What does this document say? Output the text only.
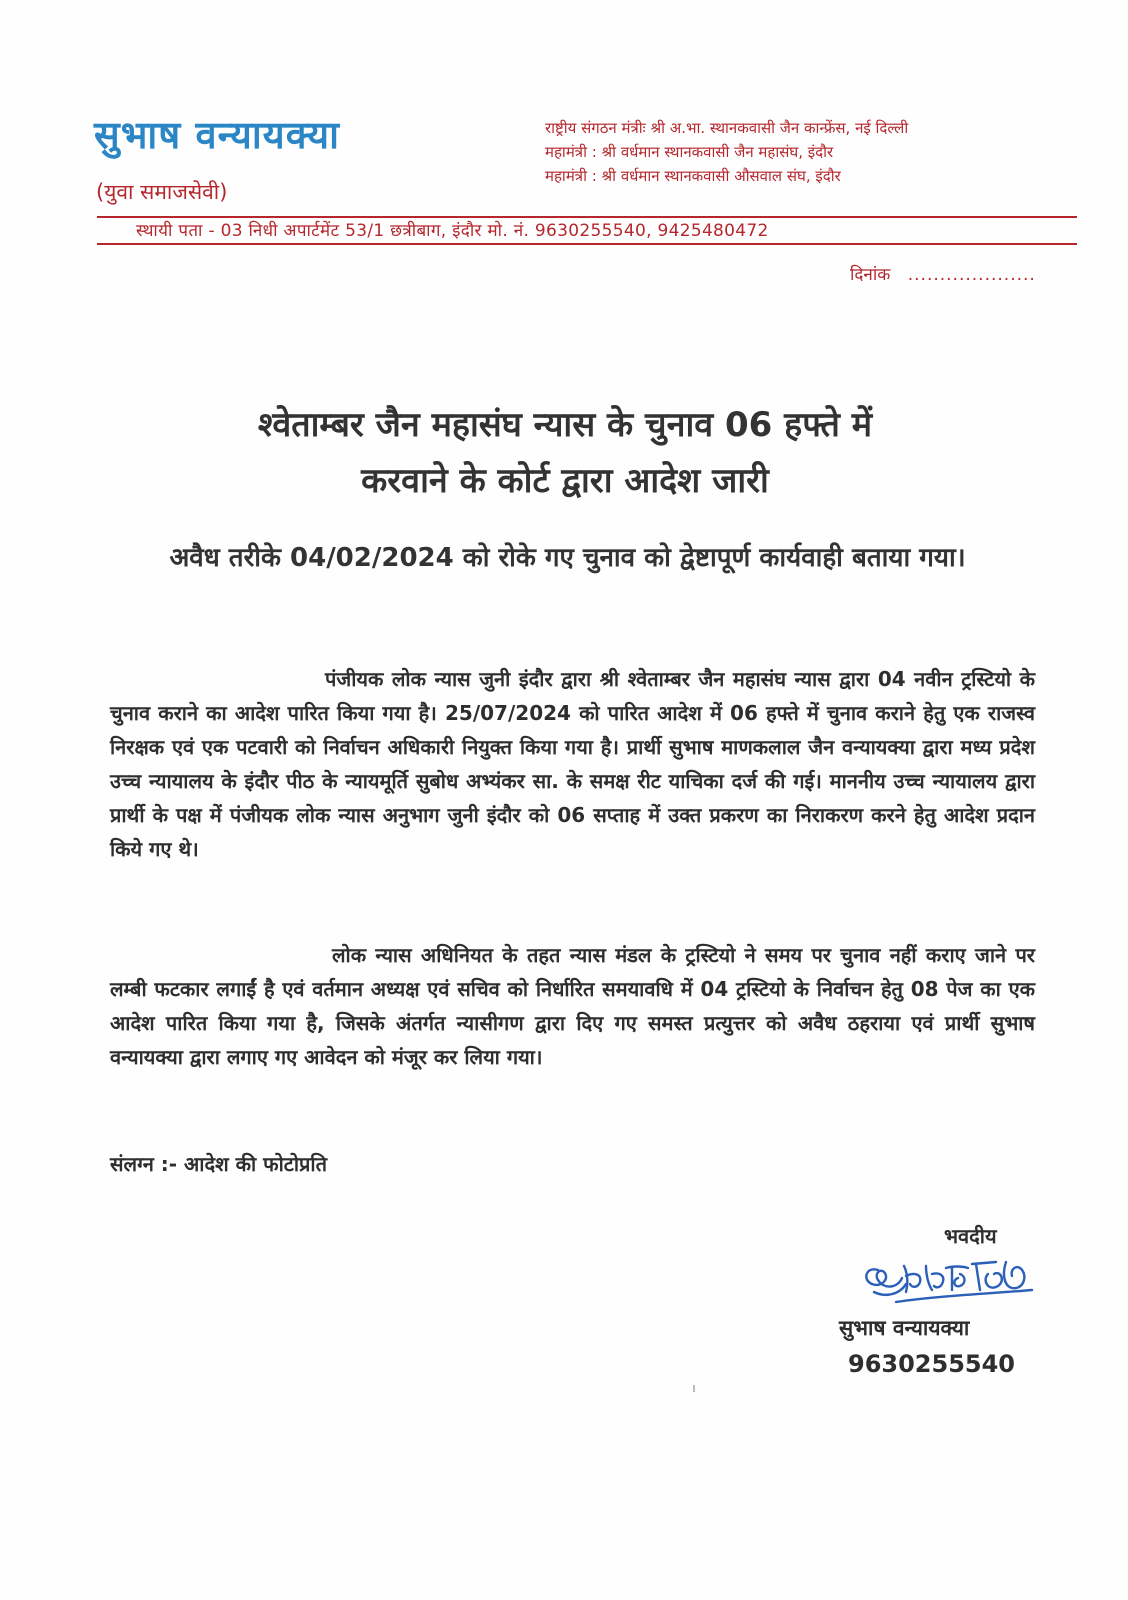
सुभाष वन्यायक्या
(युवा समाजसेवी)
राष्ट्रीय संगठन मंत्रीः श्री अ.भा. स्थानकवासी जैन कान्फ्रेंस, नई दिल्ली
महामंत्री : श्री वर्धमान स्थानकवासी जैन महासंघ, इंदौर
महामंत्री : श्री वर्धमान स्थानकवासी औसवाल संघ, इंदौर
स्थायी पता - 03 निधी अपार्टमेंट 53/1 छत्रीबाग, इंदौर मो. नं. 9630255540, 9425480472
दिनांक ....................
श्वेताम्बर जैन महासंघ न्यास के चुनाव 06 हफ्ते में
करवाने के कोर्ट द्वारा आदेश जारी
अवैध तरीके 04/02/2024 को रोके गए चुनाव को द्वेष्टापूर्ण कार्यवाही बताया गया।
पंजीयक लोक न्यास जुनी इंदौर द्वारा श्री श्वेताम्बर जैन महासंघ न्यास द्वारा 04 नवीन ट्रस्टियो के चुनाव कराने का आदेश पारित किया गया है। 25/07/2024 को पारित आदेश में 06 हफ्ते में चुनाव कराने हेतु एक राजस्व निरक्षक एवं एक पटवारी को निर्वाचन अधिकारी नियुक्त किया गया है। प्रार्थी सुभाष माणकलाल जैन वन्यायक्या द्वारा मध्य प्रदेश उच्च न्यायालय के इंदौर पीठ के न्यायमूर्ति सुबोध अभ्यंकर सा. के समक्ष रीट याचिका दर्ज की गई। माननीय उच्च न्यायालय द्वारा प्रार्थी के पक्ष में पंजीयक लोक न्यास अनुभाग जुनी इंदौर को 06 सप्ताह में उक्त प्रकरण का निराकरण करने हेतु आदेश प्रदान किये गए थे।
लोक न्यास अधिनियत के तहत न्यास मंडल के ट्रस्टियो ने समय पर चुनाव नहीं कराए जाने पर लम्बी फटकार लगाईं है एवं वर्तमान अध्यक्ष एवं सचिव को निर्धारित समयावधि में 04 ट्रस्टियो के निर्वाचन हेतु 08 पेज का एक आदेश पारित किया गया है, जिसके अंतर्गत न्यासीगण द्वारा दिए गए समस्त प्रत्युत्तर को अवैध ठहराया एवं प्रार्थी सुभाष वन्यायक्या द्वारा लगाए गए आवेदन को मंजूर कर लिया गया।
संलग्न :- आदेश की फोटोप्रति
भवदीय
सुभाष वन्यायक्या
9630255540
